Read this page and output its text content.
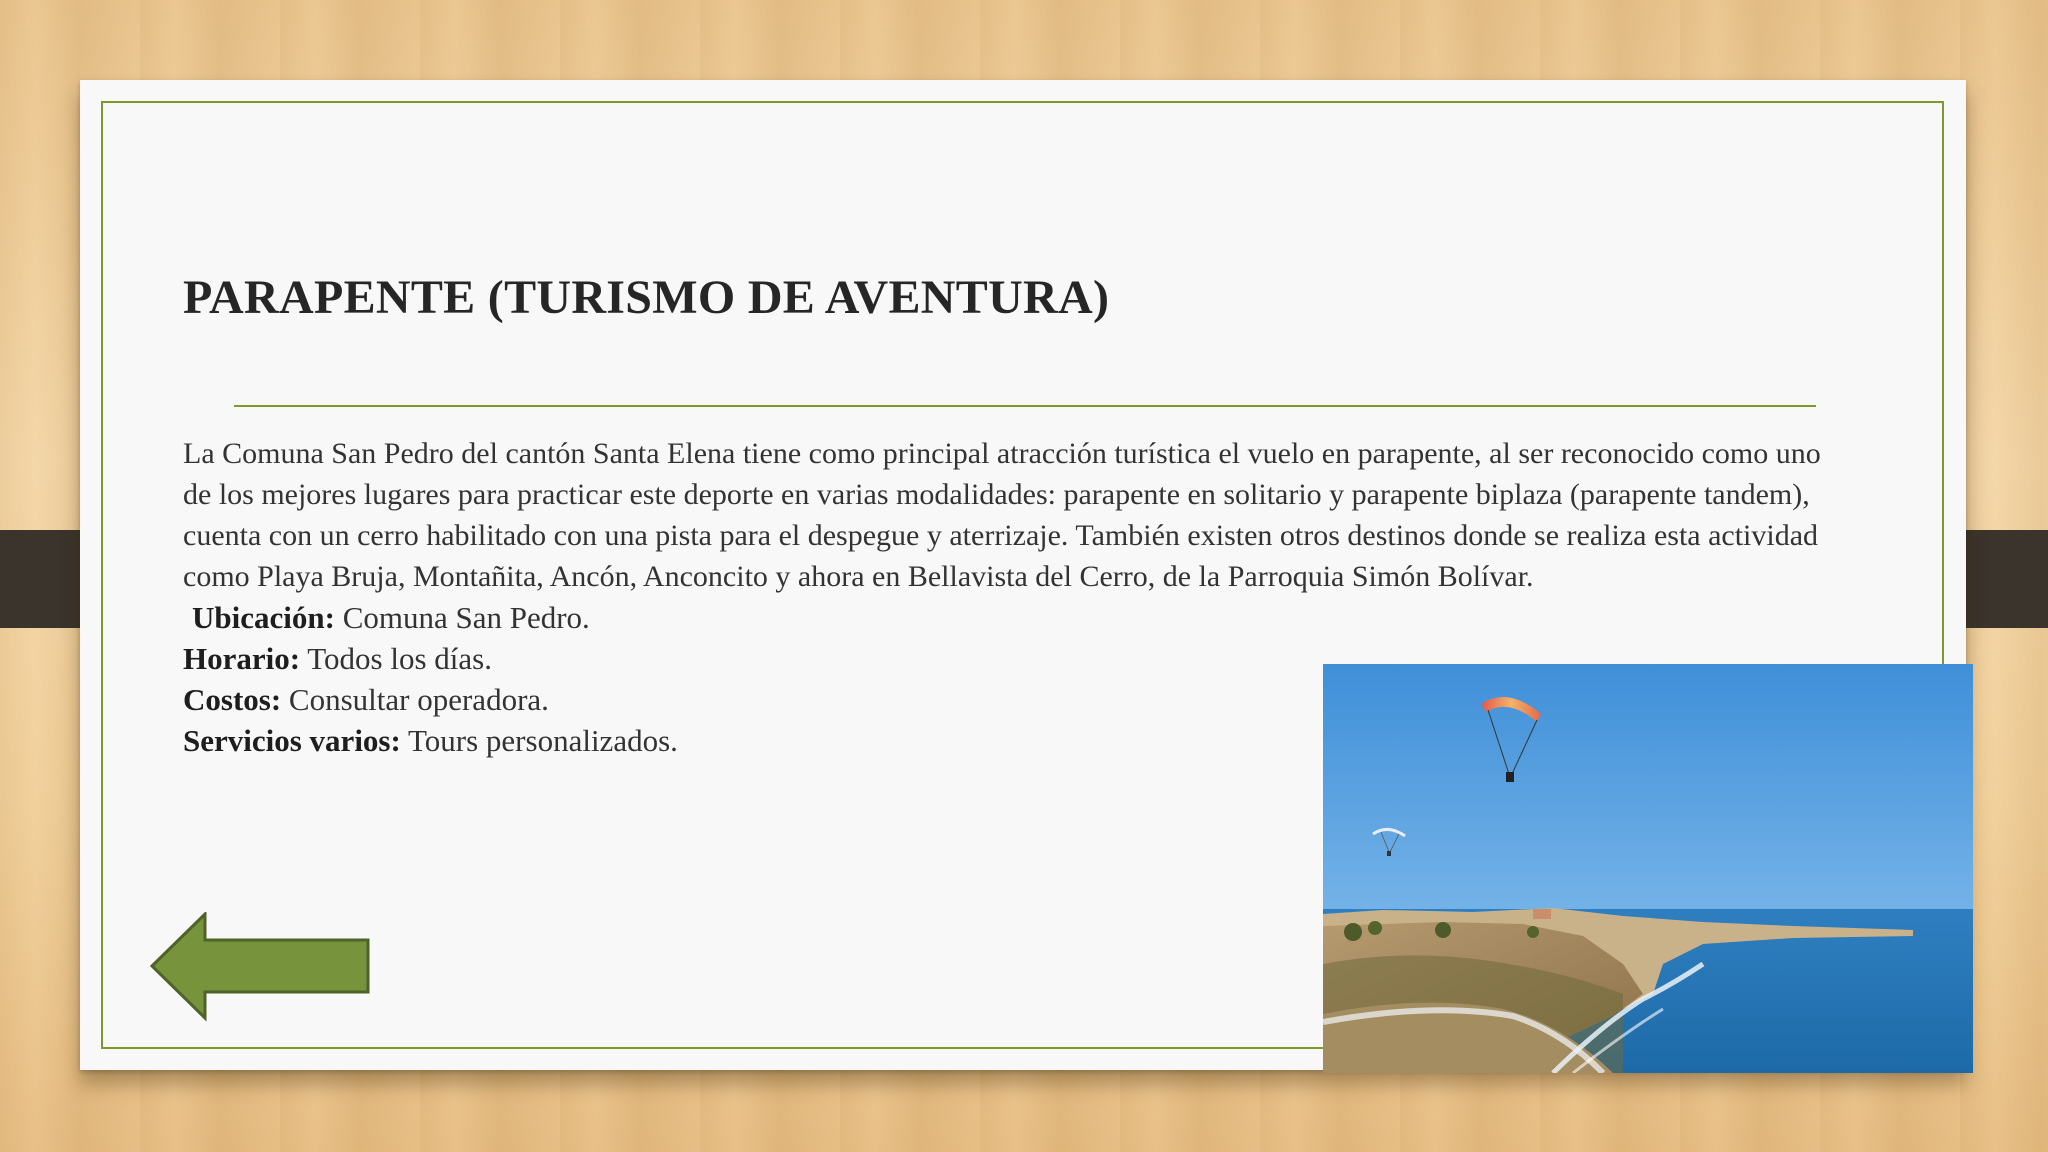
PARAPENTE (TURISMO DE AVENTURA)

La Comuna San Pedro del cantón Santa Elena tiene como principal atracción turística el vuelo en parapente, al ser reconocido como uno de los mejores lugares para practicar este deporte en varias modalidades: parapente en solitario y parapente biplaza (parapente tandem), cuenta con un cerro habilitado con una pista para el despegue y aterrizaje. También existen otros destinos donde se realiza esta actividad como Playa Bruja, Montañita, Ancón, Anconcito y ahora en Bellavista del Cerro, de la Parroquia Simón Bolívar.

Ubicación: Comuna San Pedro.

Horario: Todos los días.

Costos: Consultar operadora.

Servicios varios: Tours personalizados.
